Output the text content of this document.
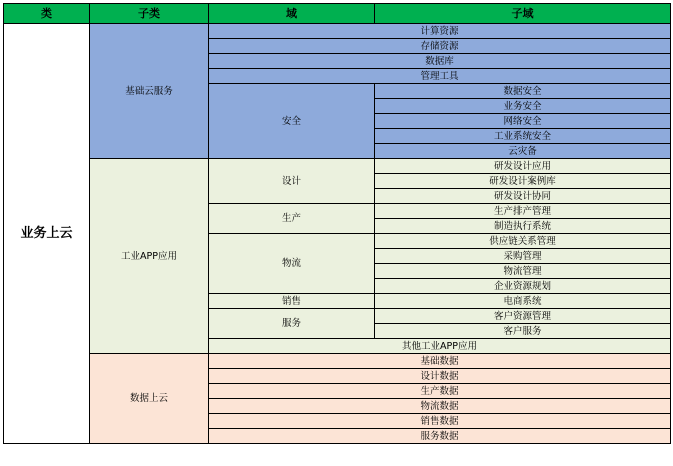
类	子类	域	子域
业务上云	基础云服务	计算资源	
		存储资源	
		数据库	
		管理工具	
		安全	数据安全
			业务安全
			网络安全
			工业系统安全
			云灾备
	工业APP应用	设计	研发设计应用
			研发设计案例库
			研发设计协同
		生产	生产排产管理
			制造执行系统
		物流	供应链关系管理
			采购管理
			物流管理
			企业资源规划
		销售	电商系统
		服务	客户资源管理
			客户服务
		其他工业APP应用	
	数据上云	基础数据	
		设计数据	
		生产数据	
		物流数据	
		销售数据	
		服务数据	
